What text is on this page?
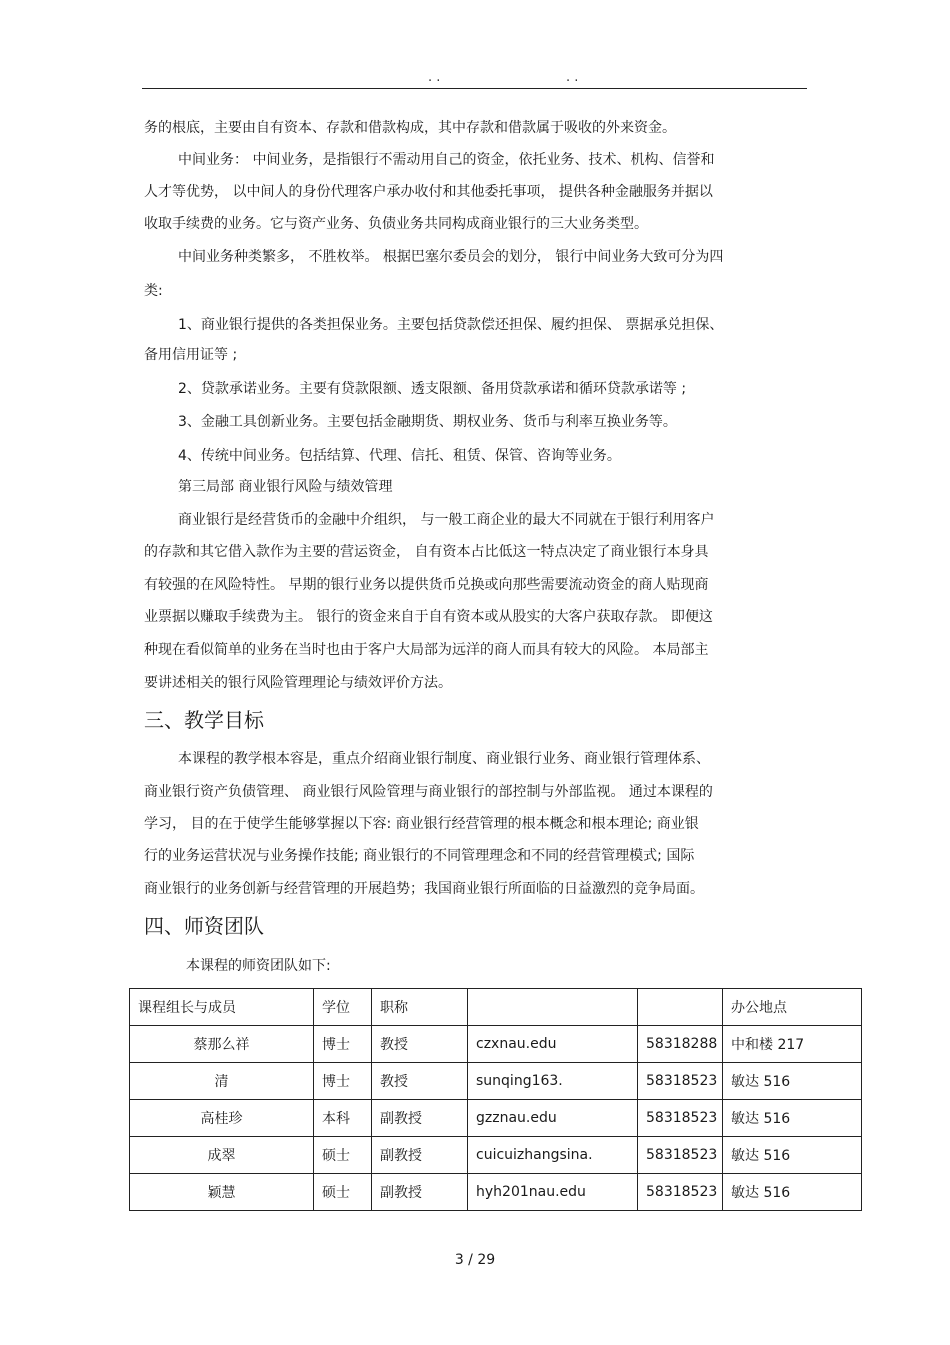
. .	. .
务的根底，主要由自有资本、存款和借款构成，其中存款和借款属于吸收的外来资金。
中间业务： 中间业务，是指银行不需动用自己的资金，依托业务、技术、机构、信誉和
人才等优势， 以中间人的身份代理客户承办收付和其他委托事项， 提供各种金融服务并据以
收取手续费的业务。它与资产业务、负债业务共同构成商业银行的三大业务类型。
中间业务种类繁多， 不胜枚举。 根据巴塞尔委员会的划分， 银行中间业务大致可分为四
类:
1、商业银行提供的各类担保业务。主要包括贷款偿还担保、履约担保、 票据承兑担保、
备用信用证等 ;
2、贷款承诺业务。主要有贷款限额、透支限额、备用贷款承诺和循环贷款承诺等 ;
3、金融工具创新业务。主要包括金融期货、期权业务、货币与利率互换业务等。
4、传统中间业务。包括结算、代理、信托、租赁、保管、咨询等业务。
第三局部 商业银行风险与绩效管理
商业银行是经营货币的金融中介组织， 与一般工商企业的最大不同就在于银行利用客户
的存款和其它借入款作为主要的营运资金， 自有资本占比低这一特点决定了商业银行本身具
有较强的在风险特性。 早期的银行业务以提供货币兑换或向那些需要流动资金的商人贴现商
业票据以赚取手续费为主。 银行的资金来自于自有资本或从股实的大客户获取存款。 即便这
种现在看似简单的业务在当时也由于客户大局部为远洋的商人而具有较大的风险。 本局部主
要讲述相关的银行风险管理理论与绩效评价方法。
三、教学目标
本课程的教学根本容是，重点介绍商业银行制度、商业银行业务、商业银行管理体系、
商业银行资产负债管理、 商业银行风险管理与商业银行的部控制与外部监视。 通过本课程的
学习， 目的在于使学生能够掌握以下容: 商业银行经营管理的根本概念和根本理论; 商业银
行的业务运营状况与业务操作技能; 商业银行的不同管理理念和不同的经营管理模式; 国际
商业银行的业务创新与经营管理的开展趋势；我国商业银行所面临的日益激烈的竞争局面。
四、师资团队
本课程的师资团队如下:
课程组长与成员	学位	职称			办公地点
蔡那么祥	博士	教授	czxnau.edu	58318288	中和楼 217
清	博士	教授	sunqing163.	58318523	敏达 516
高桂珍	本科	副教授	gzznau.edu	58318523	敏达 516
成翠	硕士	副教授	cuicuizhangsina.	58318523	敏达 516
颖慧	硕士	副教授	hyh201nau.edu	58318523	敏达 516
3 / 29
